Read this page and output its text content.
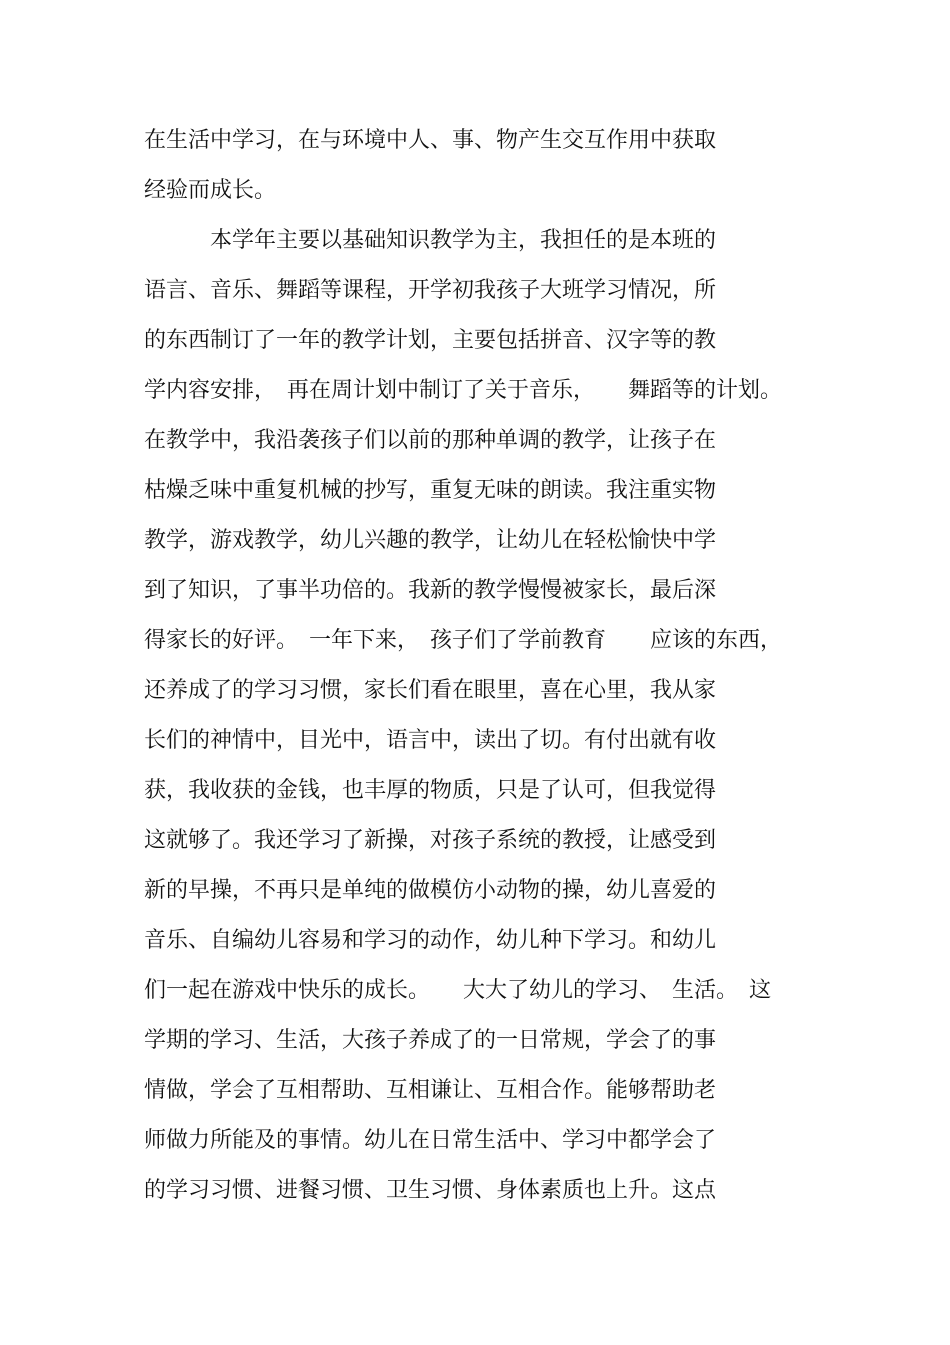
在生活中学习，在与环境中人、事、物产生交互作用中获取

经验而成长。

　　　本学年主要以基础知识教学为主，我担任的是本班的

语言、音乐、舞蹈等课程，开学初我孩子大班学习情况，所

的东西制订了一年的教学计划，主要包括拼音、汉字等的教

学内容安排，　再在周计划中制订了关于音乐，　　舞蹈等的计划。

在教学中，我沿袭孩子们以前的那种单调的教学，让孩子在

枯燥乏味中重复机械的抄写，重复无味的朗读。我注重实物

教学，游戏教学，幼儿兴趣的教学，让幼儿在轻松愉快中学

到了知识，了事半功倍的。我新的教学慢慢被家长，最后深

得家长的好评。　一年下来，　孩子们了学前教育　　应该的东西，

还养成了的学习习惯，家长们看在眼里，喜在心里，我从家

长们的神情中，目光中，语言中，读出了切。有付出就有收

获，我收获的金钱，也丰厚的物质，只是了认可，但我觉得

这就够了。我还学习了新操，对孩子系统的教授，让感受到

新的早操，不再只是单纯的做模仿小动物的操，幼儿喜爱的

音乐、自编幼儿容易和学习的动作，幼儿种下学习。和幼儿

们一起在游戏中快乐的成长。　　大大了幼儿的学习、　生活。　这

学期的学习、生活，大孩子养成了的一日常规，学会了的事

情做，学会了互相帮助、互相谦让、互相合作。能够帮助老

师做力所能及的事情。幼儿在日常生活中、学习中都学会了

的学习习惯、进餐习惯、卫生习惯、身体素质也上升。这点
